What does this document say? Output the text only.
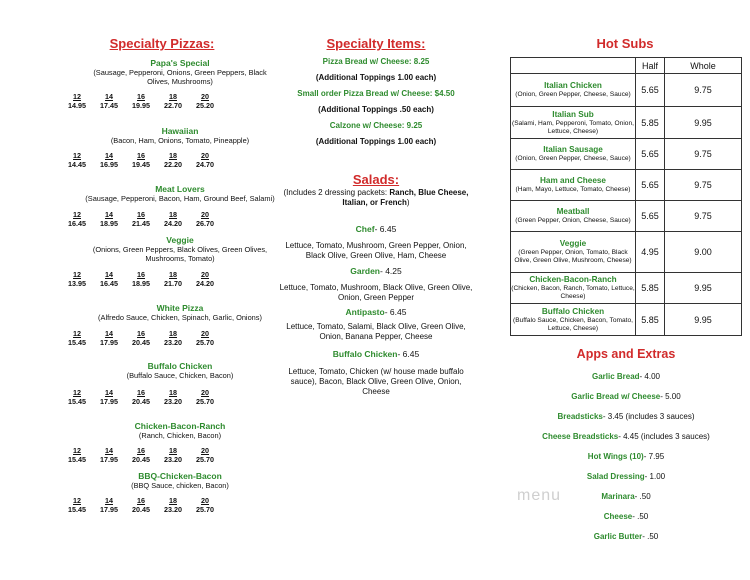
Specialty Pizzas:
Papa's Special
(Sausage, Pepperoni, Onions, Green Peppers, Black Olives, Mushrooms)
12	14	16	18	20
14.95	17.45	19.95	22.70	25.20
Hawaiian
(Bacon, Ham, Onions, Tomato, Pineapple)
12	14	16	18	20
14.45	16.95	19.45	22.20	24.70
Meat Lovers
(Sausage, Pepperoni, Bacon, Ham, Ground Beef, Salami)
12	14	16	18	20
16.45	18.95	21.45	24.20	26.70
Veggie
(Onions, Green Peppers, Black Olives, Green Olives, Mushrooms, Tomato)
12	14	16	18	20
13.95	16.45	18.95	21.70	24.20
White Pizza
(Alfredo Sauce, Chicken, Spinach, Garlic, Onions)
12	14	16	18	20
15.45	17.95	20.45	23.20	25.70
Buffalo Chicken
(Buffalo Sauce, Chicken, Bacon)
12	14	16	18	20
15.45	17.95	20.45	23.20	25.70
Chicken-Bacon-Ranch
(Ranch, Chicken, Bacon)
12	14	16	18	20
15.45	17.95	20.45	23.20	25.70
BBQ-Chicken-Bacon
(BBQ Sauce, chicken, Bacon)
12	14	16	18	20
15.45	17.95	20.45	23.20	25.70
Specialty Items:
Pizza Bread w/ Cheese: 8.25
(Additional Toppings 1.00 each)
Small order Pizza Bread w/ Cheese: $4.50
(Additional Toppings .50 each)
Calzone w/ Cheese: 9.25
(Additional Toppings 1.00 each)
Salads:
(Includes 2 dressing packets: Ranch, Blue Cheese, Italian, or French)
Chef- 6.45
Lettuce, Tomato, Mushroom, Green Pepper, Onion, Black Olive, Green Olive, Ham, Cheese
Garden- 4.25
Lettuce, Tomato, Mushroom, Black Olive, Green Olive, Onion, Green Pepper
Antipasto- 6.45
Lettuce, Tomato, Salami, Black Olive, Green Olive, Onion, Banana Pepper, Cheese
Buffalo Chicken- 6.45
Lettuce, Tomato, Chicken (w/ house made buffalo sauce), Bacon, Black Olive, Green Olive, Onion, Cheese
Hot Subs
	Half	Whole

Italian Chicken
(Onion, Green Pepper, Cheese, Sauce)	5.65	9.75

Italian Sub
(Salami, Ham, Pepperoni, Tomato, Onion, Lettuce, Cheese)	5.85	9.95

Italian Sausage
(Onion, Green Pepper, Cheese, Sauce)	5.65	9.75

Ham and Cheese
(Ham, Mayo, Lettuce, Tomato, Cheese)	5.65	9.75

Meatball
(Green Pepper, Onion, Cheese, Sauce)	5.65	9.75

Veggie
(Green Pepper, Onion, Tomato, Black Olive, Green Olive, Mushroom, Cheese)	4.95	9.00

Chicken-Bacon-Ranch
(Chicken, Bacon, Ranch, Tomato, Lettuce, Cheese)	5.85	9.95

Buffalo Chicken
(Buffalo Sauce, Chicken, Bacon, Tomato, Lettuce, Cheese)	5.85	9.95
Apps and Extras
Garlic Bread- 4.00
Garlic Bread w/ Cheese- 5.00
Breadsticks- 3.45 (includes 3 sauces)
Cheese Breadsticks- 4.45 (includes 3 sauces)
Hot Wings (10)- 7.95
Salad Dressing- 1.00
Marinara- .50
Cheese- .50
Garlic Butter- .50
menu
